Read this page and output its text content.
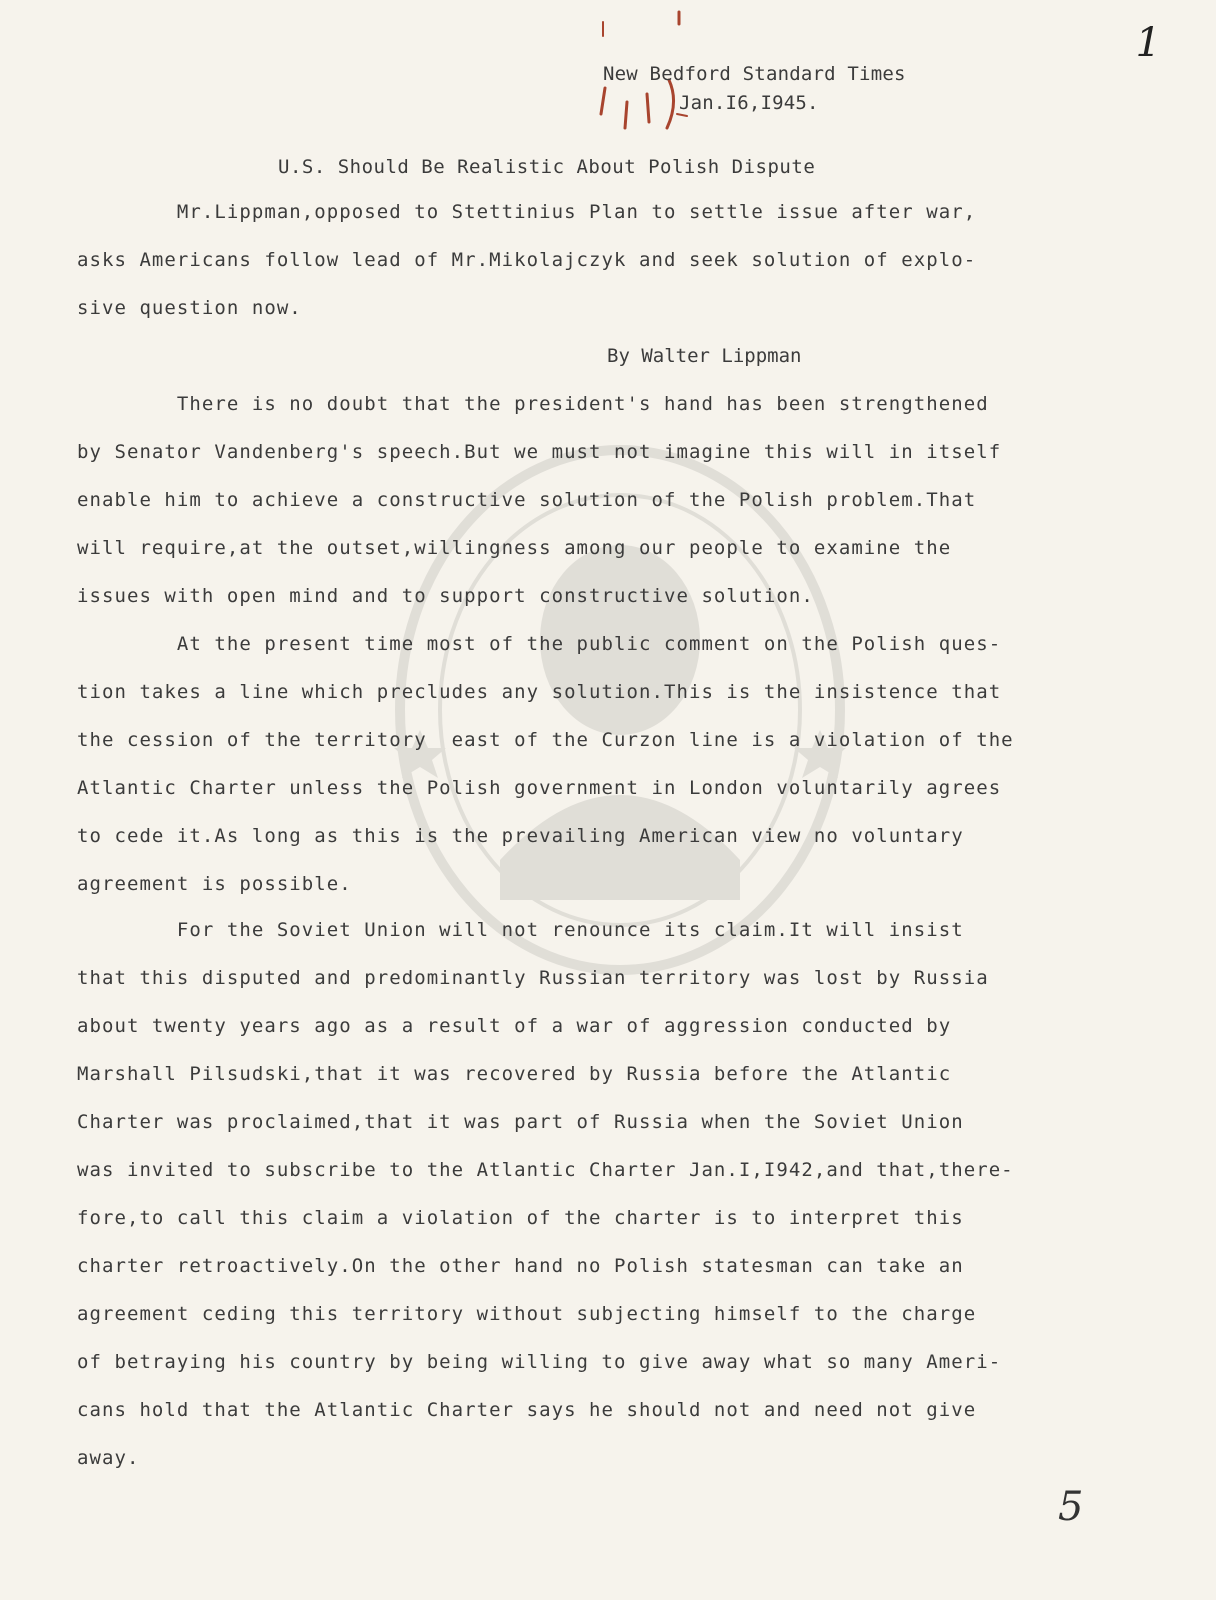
1
New Bedford Standard Times
Jan.I6,I945.
U.S. Should Be Realistic About Polish Dispute
Mr.Lippman,opposed to Stettinius Plan to settle issue after war,
asks Americans follow lead of Mr.Mikolajczyk and seek solution of explo-
sive question now.
By Walter Lippman
There is no doubt that the president's hand has been strengthened
by Senator Vandenberg's speech.But we must not imagine this will in itself
enable him to achieve a constructive solution of the Polish problem.That
will require,at the outset,willingness among our people to examine the
issues with open mind and to support constructive solution.
At the present time most of the public comment on the Polish ques-
tion takes a line which precludes any solution.This is the insistence that
the cession of the territory  east of the Curzon line is a violation of the
Atlantic Charter unless the Polish government in London voluntarily agrees
to cede it.As long as this is the prevailing American view no voluntary
agreement is possible.
For the Soviet Union will not renounce its claim.It will insist
that this disputed and predominantly Russian territory was lost by Russia
about twenty years ago as a result of a war of aggression conducted by
Marshall Pilsudski,that it was recovered by Russia before the Atlantic
Charter was proclaimed,that it was part of Russia when the Soviet Union
was invited to subscribe to the Atlantic Charter Jan.I,I942,and that,there-
fore,to call this claim a violation of the charter is to interpret this
charter retroactively.On the other hand no Polish statesman can take an
agreement ceding this territory without subjecting himself to the charge
of betraying his country by being willing to give away what so many Ameri-
cans hold that the Atlantic Charter says he should not and need not give
away.
5
